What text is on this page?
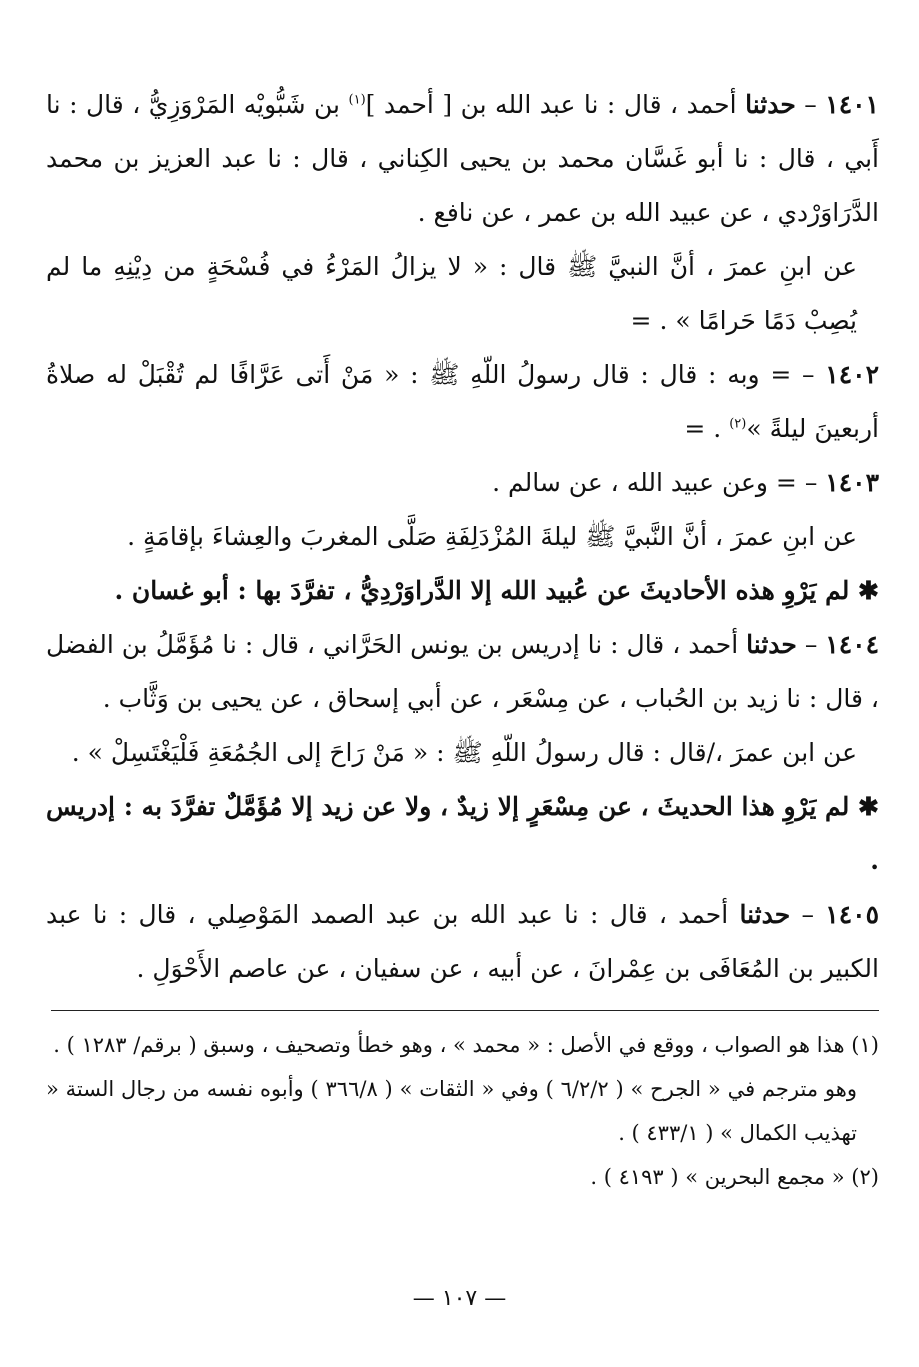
١٤٠١ – حدثنا أحمد ، قال : نا عبد الله بن [ أحمد ]$^{(١)}$ بن شَبُّويْه المَرْوَزِيُّ ، قال : نا أَبي ، قال : نا أبو غَسَّان محمد بن يحيى الكِناني ، قال : نا عبد العزيز بن محمد الدَّرَاوَرْدي ، عن عبيد الله بن عمر ، عن نافع .

عن ابنِ عمرَ ، أنَّ النبيَّ ﷺ قال : « لا يزالُ المَرْءُ في فُسْحَةٍ من دِيْنِهِ ما لم يُصِبْ دَمًا حَرامًا » . =

١٤٠٢ – = وبه : قال : قال رسولُ اللّهِ ﷺ : « مَنْ أَتى عَرَّافًا لم تُقْبَلْ له صلاةُ أربعينَ ليلةً »$^{(٢)}$ . =

١٤٠٣ – = وعن عبيد الله ، عن سالم .

عن ابنِ عمرَ ، أنَّ النَّبيَّ ﷺ ليلةَ المُزْدَلِفَةِ صَلَّى المغربَ والعِشاءَ بإقامَةٍ .

✱ لم يَرْوِ هذه الأحاديثَ عن عُبيد الله إلا الدَّراوَرْدِيُّ ، تفرَّدَ بها : أبو غسان .

١٤٠٤ – حدثنا أحمد ، قال : نا إدريس بن يونس الحَرَّاني ، قال : نا مُؤَمَّلُ بن الفضل ، قال : نا زيد بن الحُباب ، عن مِسْعَر ، عن أبي إسحاق ، عن يحيى بن وَثَّاب .

عن ابن عمرَ ،/قال : قال رسولُ اللّهِ ﷺ : « مَنْ رَاحَ إلى الجُمُعَةِ فَلْيَغْتَسِلْ » .

✱ لم يَرْوِ هذا الحديثَ ، عن مِسْعَرٍ إلا زيدٌ ، ولا عن زيد إلا مُؤَمَّلٌ تفرَّدَ به : إدريس .

١٤٠٥ – حدثنا أحمد ، قال : نا عبد الله بن عبد الصمد المَوْصِلي ، قال : نا عبد الكبير بن المُعَافَى بن عِمْرانَ ، عن أبيه ، عن سفيان ، عن عاصم الأَحْوَلِ .

(١) هذا هو الصواب ، ووقع في الأصل : « محمد » ، وهو خطأ وتصحيف ، وسبق ( برقم/ ١٢٨٣ ) .

وهو مترجم في « الجرح » ( ٦/٢/٢ ) وفي « الثقات » ( ٣٦٦/٨ ) وأبوه نفسه من رجال الستة « تهذيب الكمال » ( ٤٣٣/١ ) .

(٢) « مجمع البحرين » ( ٤١٩٣ ) .

— ١٠٧ —
